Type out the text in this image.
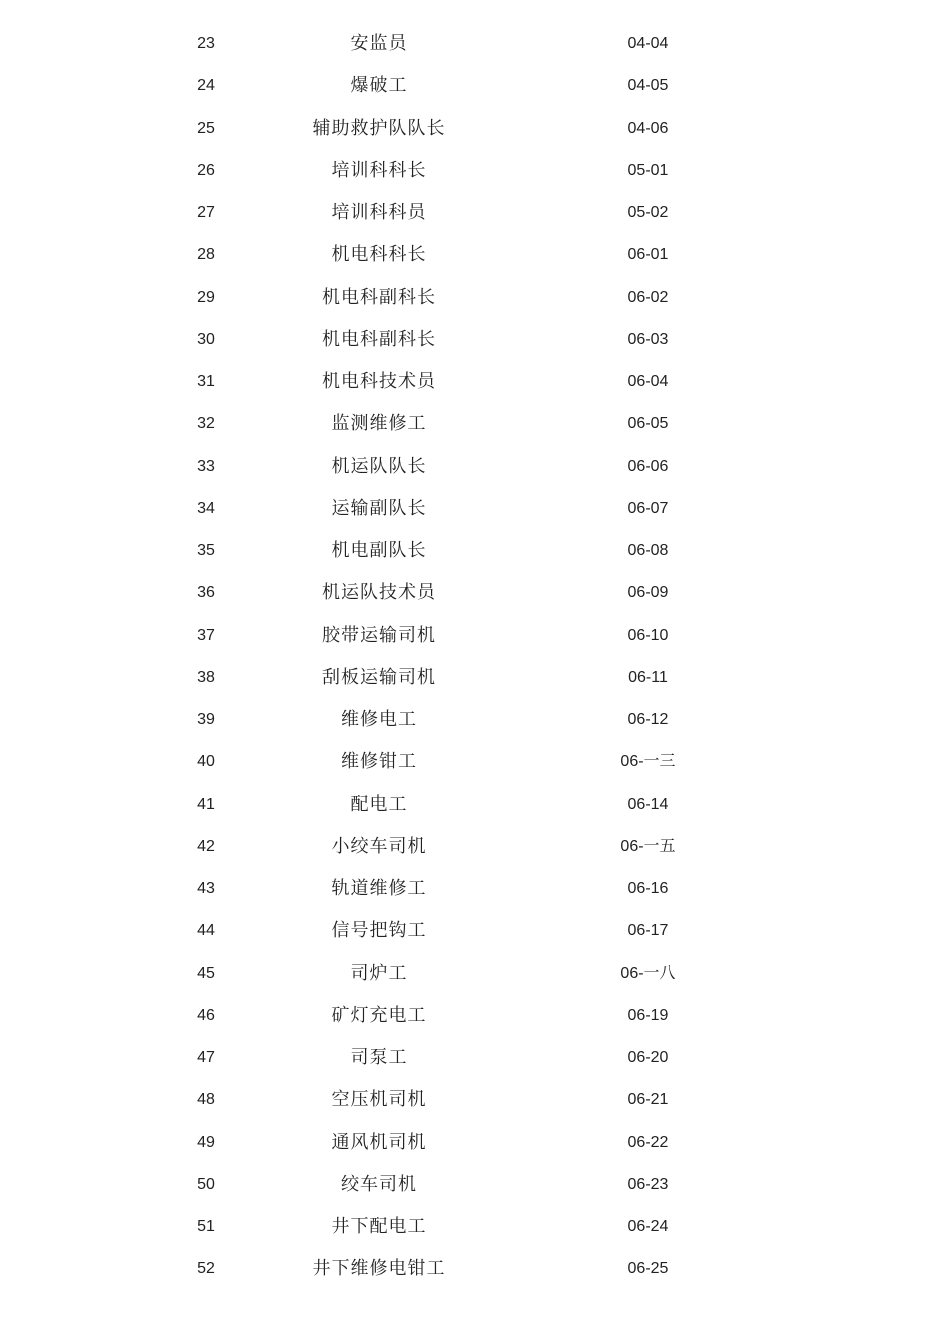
23	安监员	04-04
24	爆破工	04-05
25	辅助救护队队长	04-06
26	培训科科长	05-01
27	培训科科员	05-02
28	机电科科长	06-01
29	机电科副科长	06-02
30	机电科副科长	06-03
31	机电科技术员	06-04
32	监测维修工	06-05
33	机运队队长	06-06
34	运输副队长	06-07
35	机电副队长	06-08
36	机运队技术员	06-09
37	胶带运输司机	06-10
38	刮板运输司机	06-11
39	维修电工	06-12
40	维修钳工	06-一三
41	配电工	06-14
42	小绞车司机	06-一五
43	轨道维修工	06-16
44	信号把钩工	06-17
45	司炉工	06-一八
46	矿灯充电工	06-19
47	司泵工	06-20
48	空压机司机	06-21
49	通风机司机	06-22
50	绞车司机	06-23
51	井下配电工	06-24
52	井下维修电钳工	06-25
